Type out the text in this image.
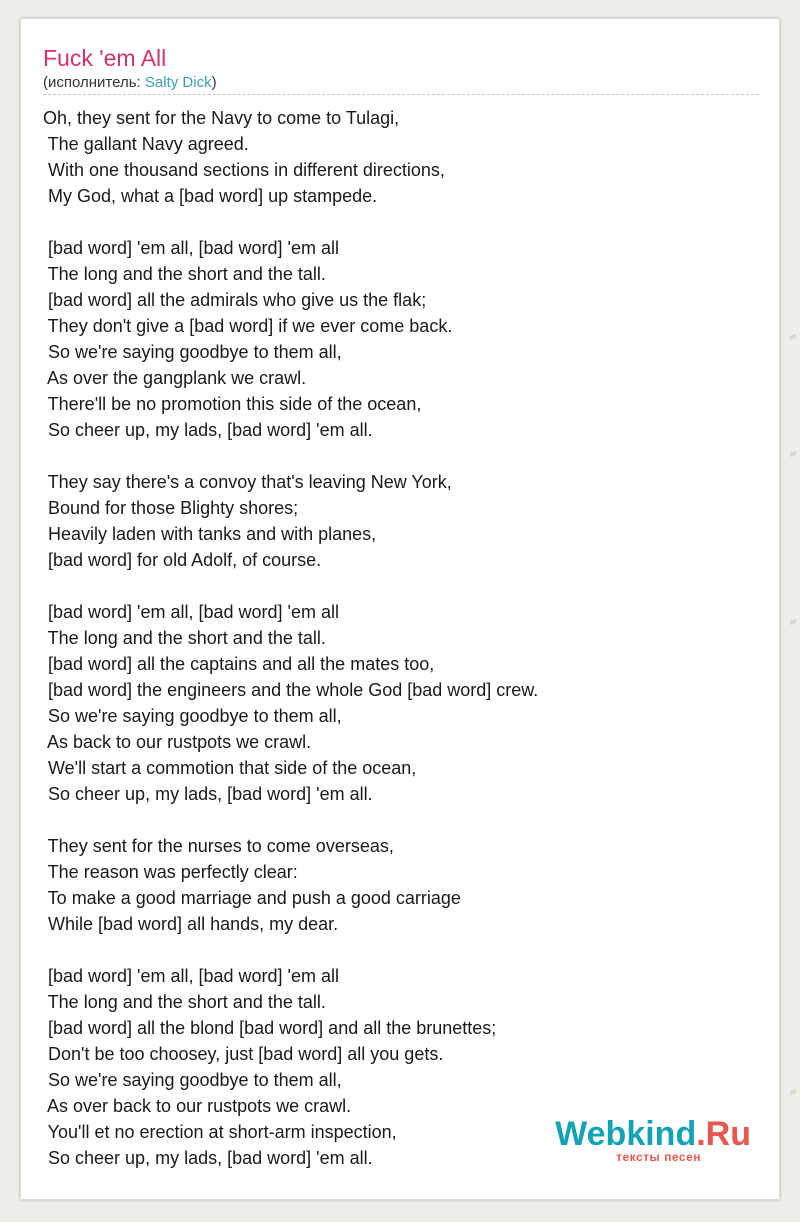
Fuck 'em All
(исполнитель: Salty Dick)
Oh, they sent for the Navy to come to Tulagi,
The gallant Navy agreed.
With one thousand sections in different directions,
My God, what a [bad word] up stampede.

[bad word] 'em all, [bad word] 'em all
The long and the short and the tall.
[bad word] all the admirals who give us the flak;
They don't give a [bad word] if we ever come back.
So we're saying goodbye to them all,
As over the gangplank we crawl.
There'll be no promotion this side of the ocean,
So cheer up, my lads, [bad word] 'em all.

They say there's a convoy that's leaving New York,
Bound for those Blighty shores;
Heavily laden with tanks and with planes,
[bad word] for old Adolf, of course.

[bad word] 'em all, [bad word] 'em all
The long and the short and the tall.
[bad word] all the captains and all the mates too,
[bad word] the engineers and the whole God [bad word] crew.
So we're saying goodbye to them all,
As back to our rustpots we crawl.
We'll start a commotion that side of the ocean,
So cheer up, my lads, [bad word] 'em all.

They sent for the nurses to come overseas,
The reason was perfectly clear:
To make a good marriage and push a good carriage
While [bad word] all hands, my dear.

[bad word] 'em all, [bad word] 'em all
The long and the short and the tall.
[bad word] all the blond [bad word] and all the brunettes;
Don't be too choosey, just [bad word] all you gets.
So we're saying goodbye to them all,
As over back to our rustpots we crawl.
You'll et no erection at short-arm inspection,
So cheer up, my lads, [bad word] 'em all.
Webkind.Ru
тексты песен
